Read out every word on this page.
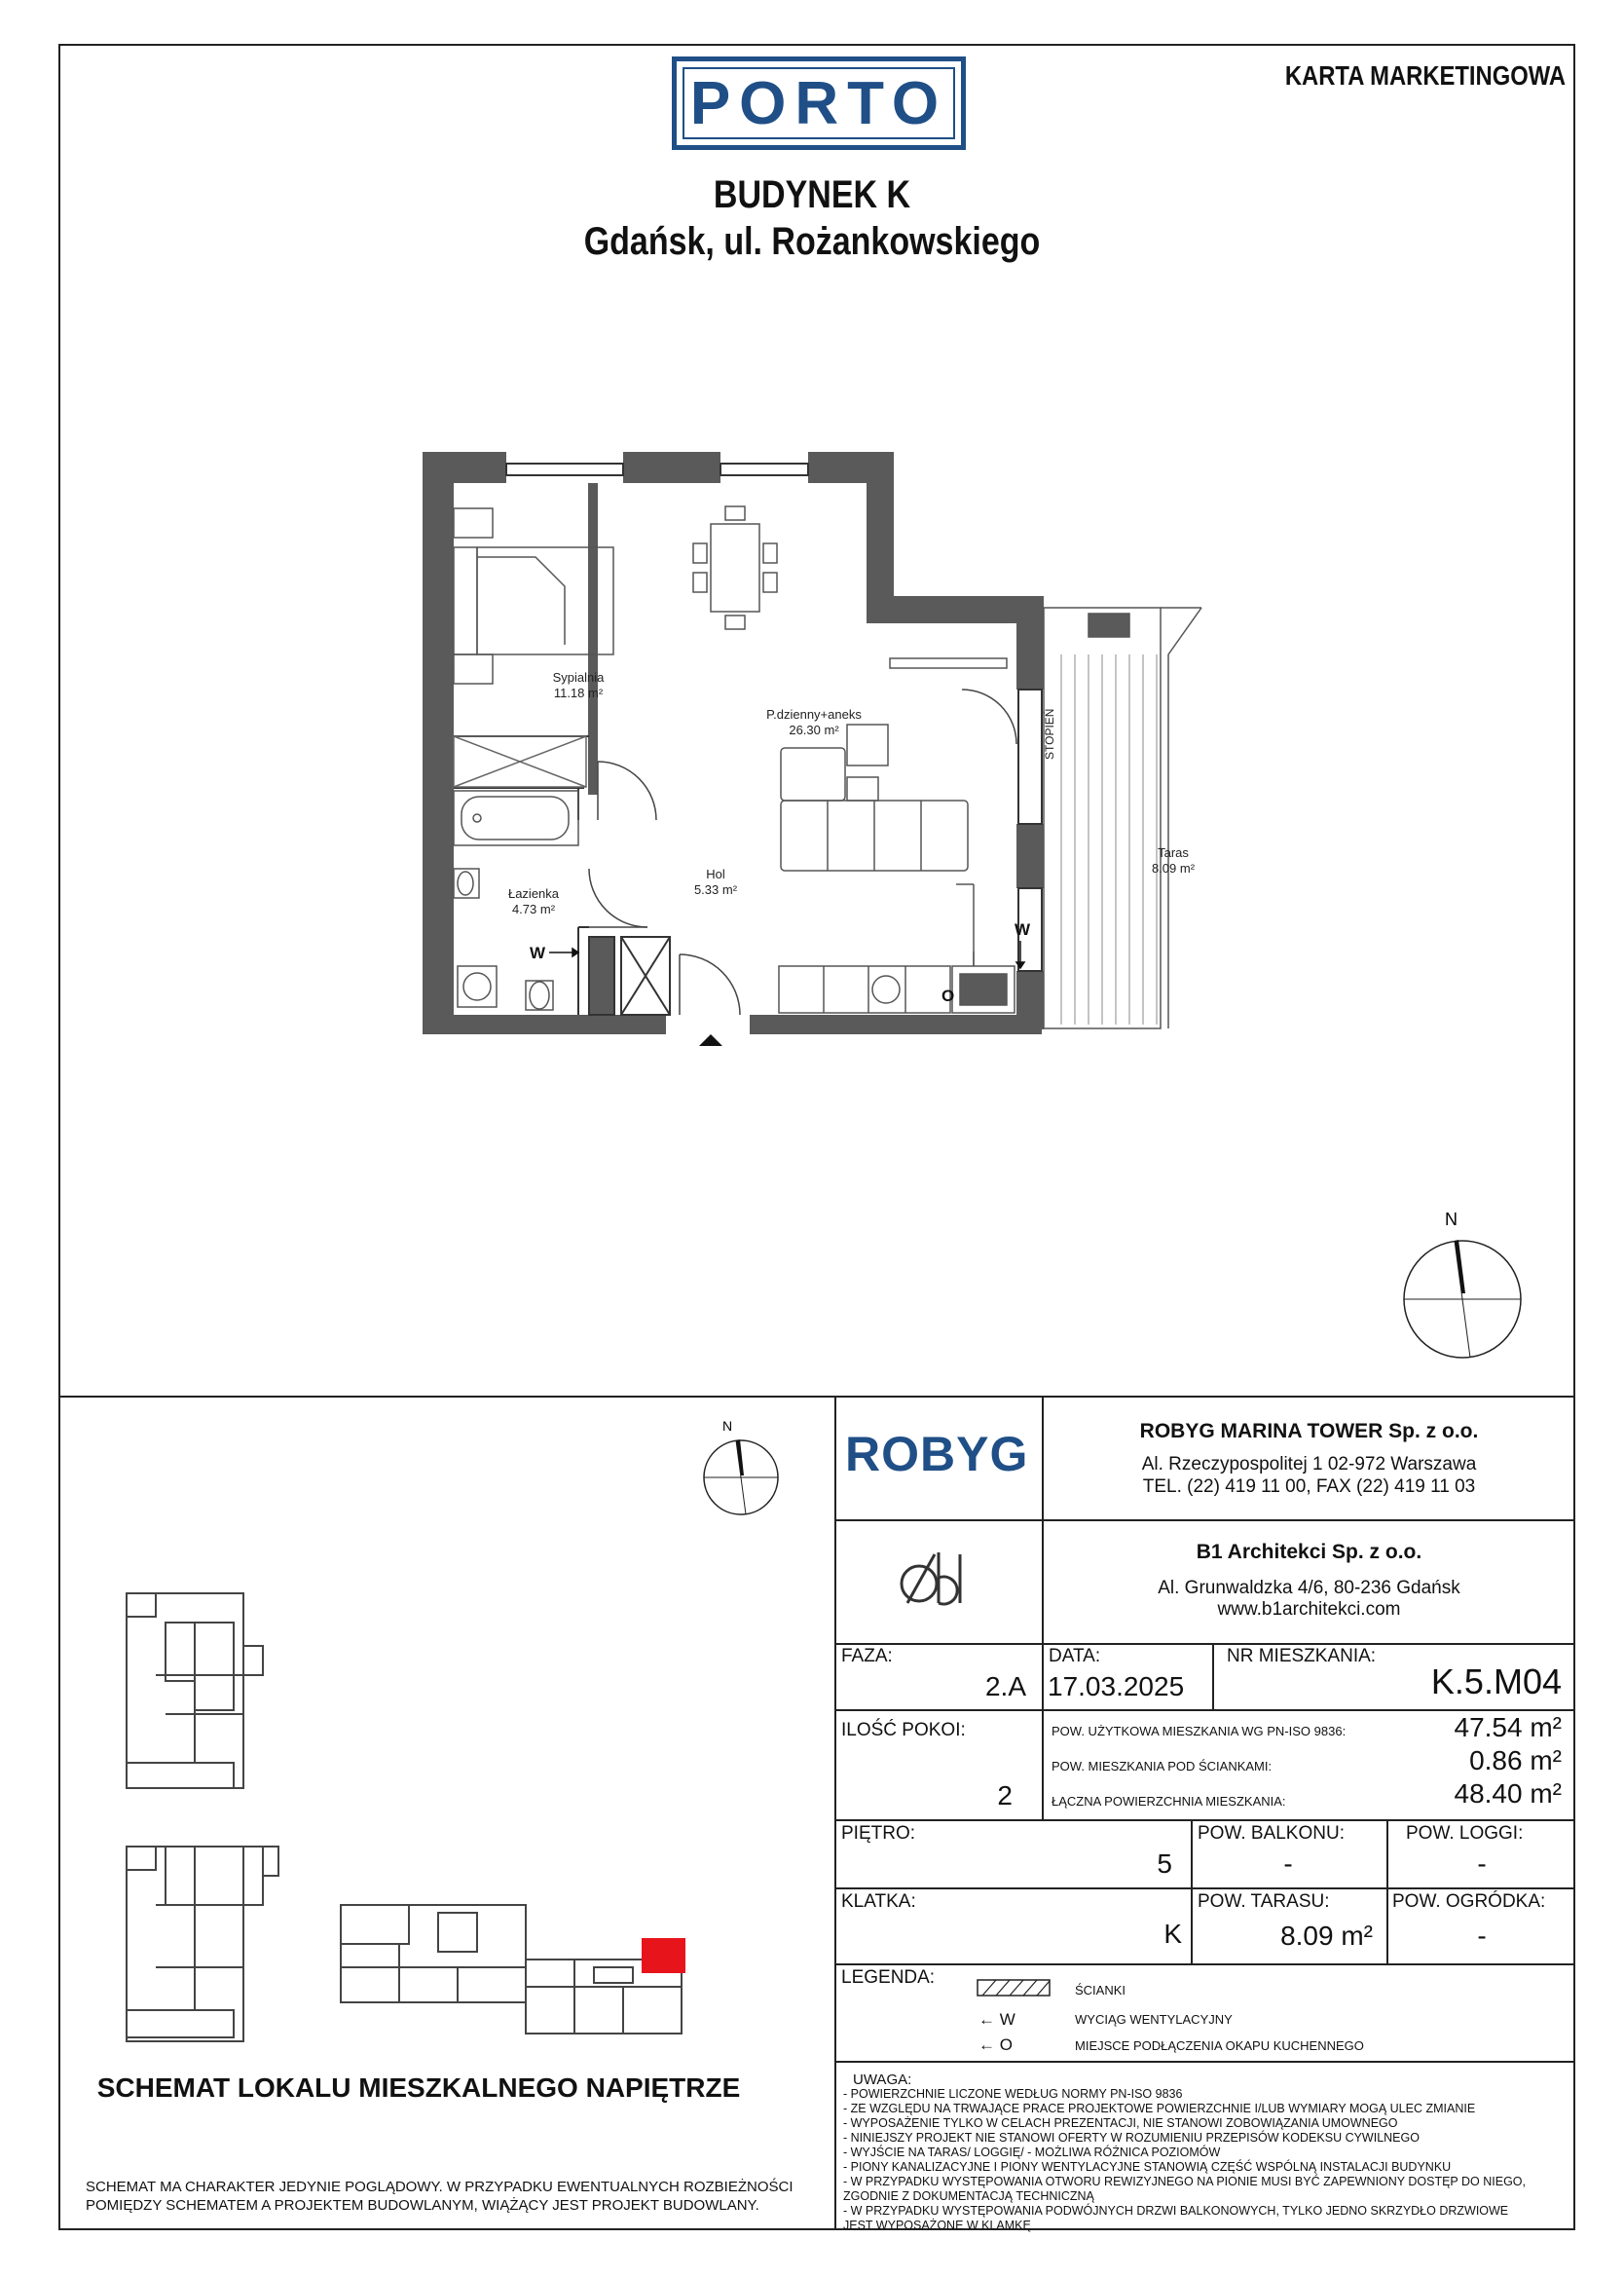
PORTO	KARTA MARKETINGOWA
BUDYNEK K
Gdańsk, ul. Rożankowskiego
Sypialnia
11.18 m²
P.dzienny+aneks
26.30 m²
Hol
5.33 m²
Łazienka
4.73 m²
Taras
8.09 m²
STOPIEŃ
W
W
O
N
N
SCHEMAT LOKALU MIESZKALNEGO NAPIĘTRZE
SCHEMAT MA CHARAKTER JEDYNIE POGLĄDOWY. W PRZYPADKU EWENTUALNYCH ROZBIEŻNOŚCI
POMIĘDZY SCHEMATEM A PROJEKTEM BUDOWLANYM, WIĄŻĄCY JEST PROJEKT BUDOWLANY.
ROBYG	ROBYG MARINA TOWER Sp. z o.o.
Al. Rzeczypospolitej 1 02-972 Warszawa
TEL. (22) 419 11 00, FAX (22) 419 11 03
B1 Architekci Sp. z o.o.
Al. Grunwaldzka 4/6, 80-236 Gdańsk
www.b1architekci.com
FAZA:
2.A
DATA:
17.03.2025
NR MIESZKANIA:
K.5.M04
ILOŚĆ POKOI:
2
POW. UŻYTKOWA MIESZKANIA WG PN-ISO 9836:	47.54 m²
POW. MIESZKANIA POD ŚCIANKAMI:	0.86 m²
ŁĄCZNA POWIERZCHNIA MIESZKANIA:	48.40 m²
PIĘTRO:
5
POW. BALKONU:
-
POW. LOGGI:
-
KLATKA:
K
POW. TARASU:
8.09 m²
POW. OGRÓDKA:
-
LEGENDA:
ŚCIANKI
← W	WYCIĄG WENTYLACYJNY
← O	MIEJSCE PODŁĄCZENIA OKAPU KUCHENNEGO
UWAGA:
- POWIERZCHNIE LICZONE WEDŁUG NORMY PN-ISO 9836
- ZE WZGLĘDU NA TRWAJĄCE PRACE PROJEKTOWE POWIERZCHNIE I/LUB WYMIARY MOGĄ ULEC ZMIANIE
- WYPOSAŻENIE TYLKO W CELACH PREZENTACJI, NIE STANOWI ZOBOWIĄZANIA UMOWNEGO
- NINIEJSZY PROJEKT NIE STANOWI OFERTY W ROZUMIENIU PRZEPISÓW KODEKSU CYWILNEGO
- WYJŚCIE NA TARAS/ LOGGIĘ/ - MOŻLIWA RÓŻNICA POZIOMÓW
- PIONY KANALIZACYJNE I PIONY WENTYLACYJNE STANOWIĄ CZĘŚĆ WSPÓLNĄ INSTALACJI BUDYNKU
- W PRZYPADKU WYSTĘPOWANIA OTWORU REWIZYJNEGO NA PIONIE MUSI BYĆ ZAPEWNIONY DOSTĘP DO NIEGO,
ZGODNIE Z DOKUMENTACJĄ TECHNICZNĄ
- W PRZYPADKU WYSTĘPOWANIA PODWÓJNYCH DRZWI BALKONOWYCH, TYLKO JEDNO SKRZYDŁO DRZWIOWE
JEST WYPOSAŻONE W KLAMKĘ
